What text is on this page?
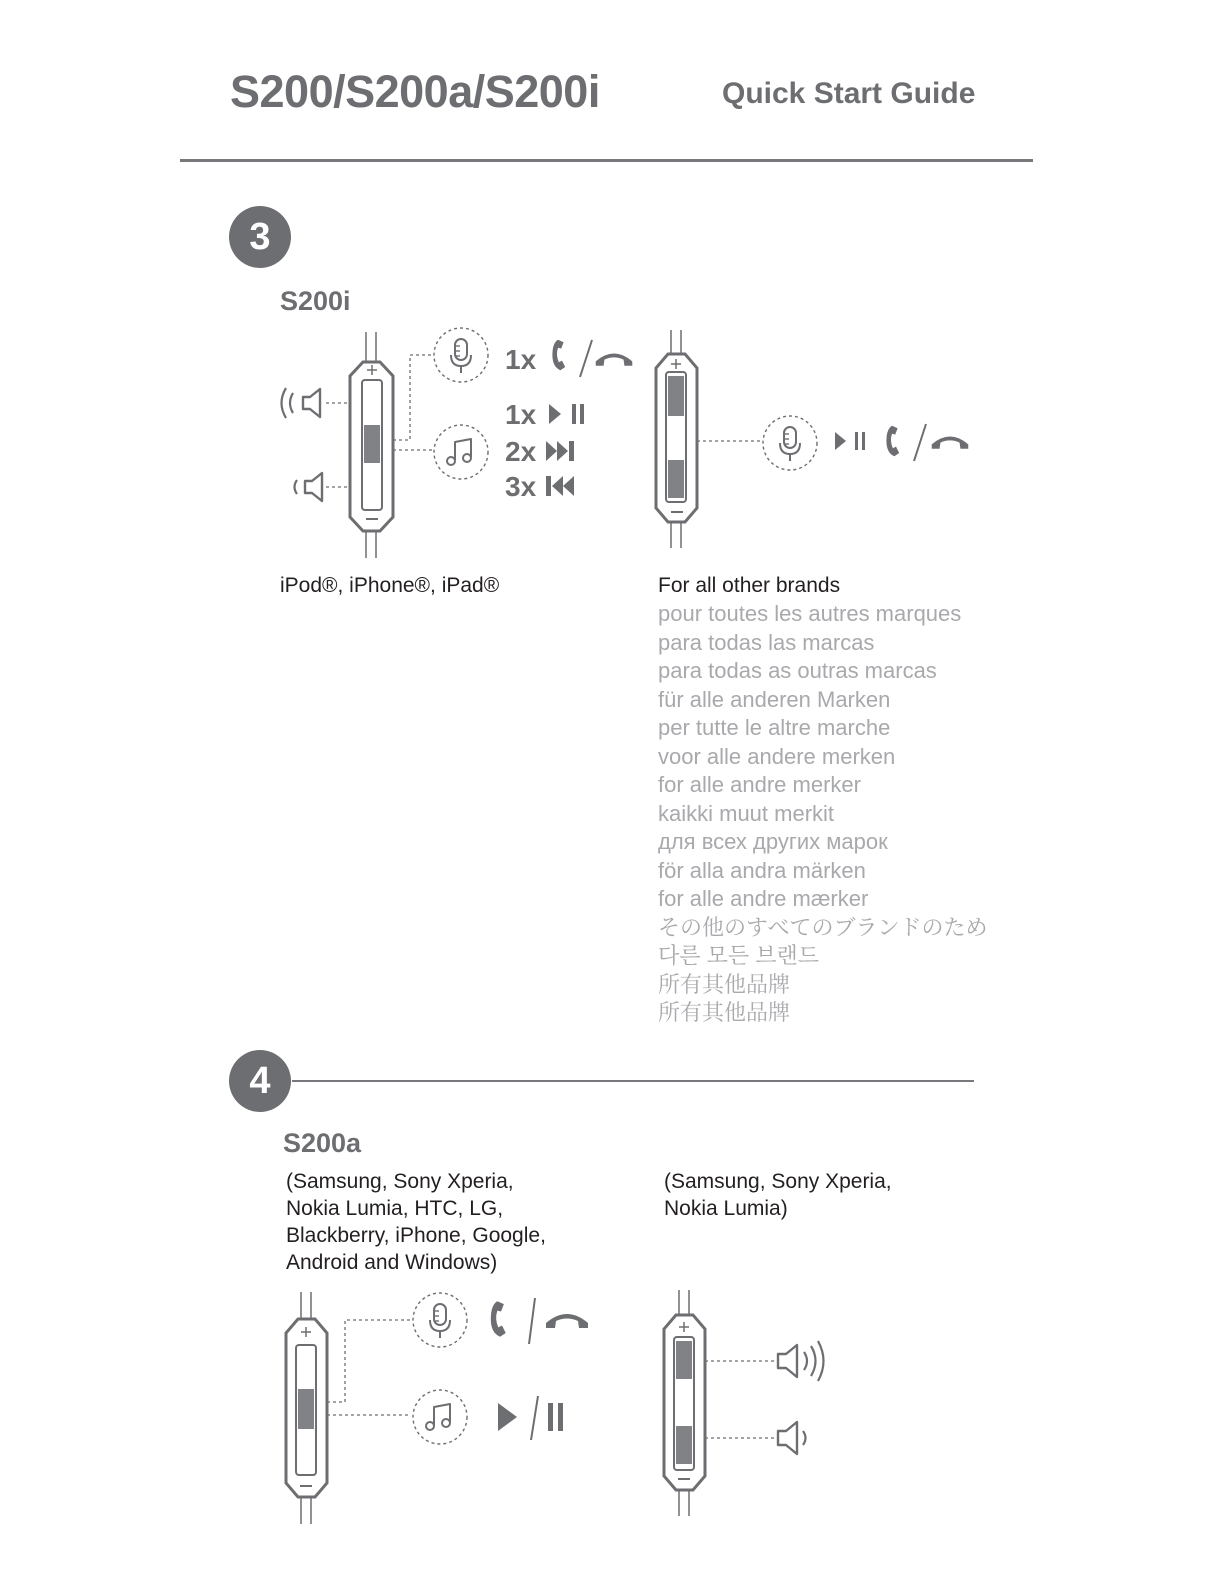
S200/S200a/S200i	Quick Start Guide
3
S200i
iPod®, iPhone®, iPad®	For all other brands
pour toutes les autres marques
para todas las marcas
para todas as outras marcas
für alle anderen Marken
per tutte le altre marche
voor alle andere merken
for alle andre merker
kaikki muut merkit
для всех других марок
för alla andra märken
for alle andre mærker
その他のすべてのブランドのため
다른 모든 브랜드
所有其他品牌
所有其他品牌
4
S200a
(Samsung, Sony Xperia,
Nokia Lumia, HTC, LG,
Blackberry, iPhone, Google,
Android and Windows)
(Samsung, Sony Xperia,
Nokia Lumia)
1x
1x
2x
3x
